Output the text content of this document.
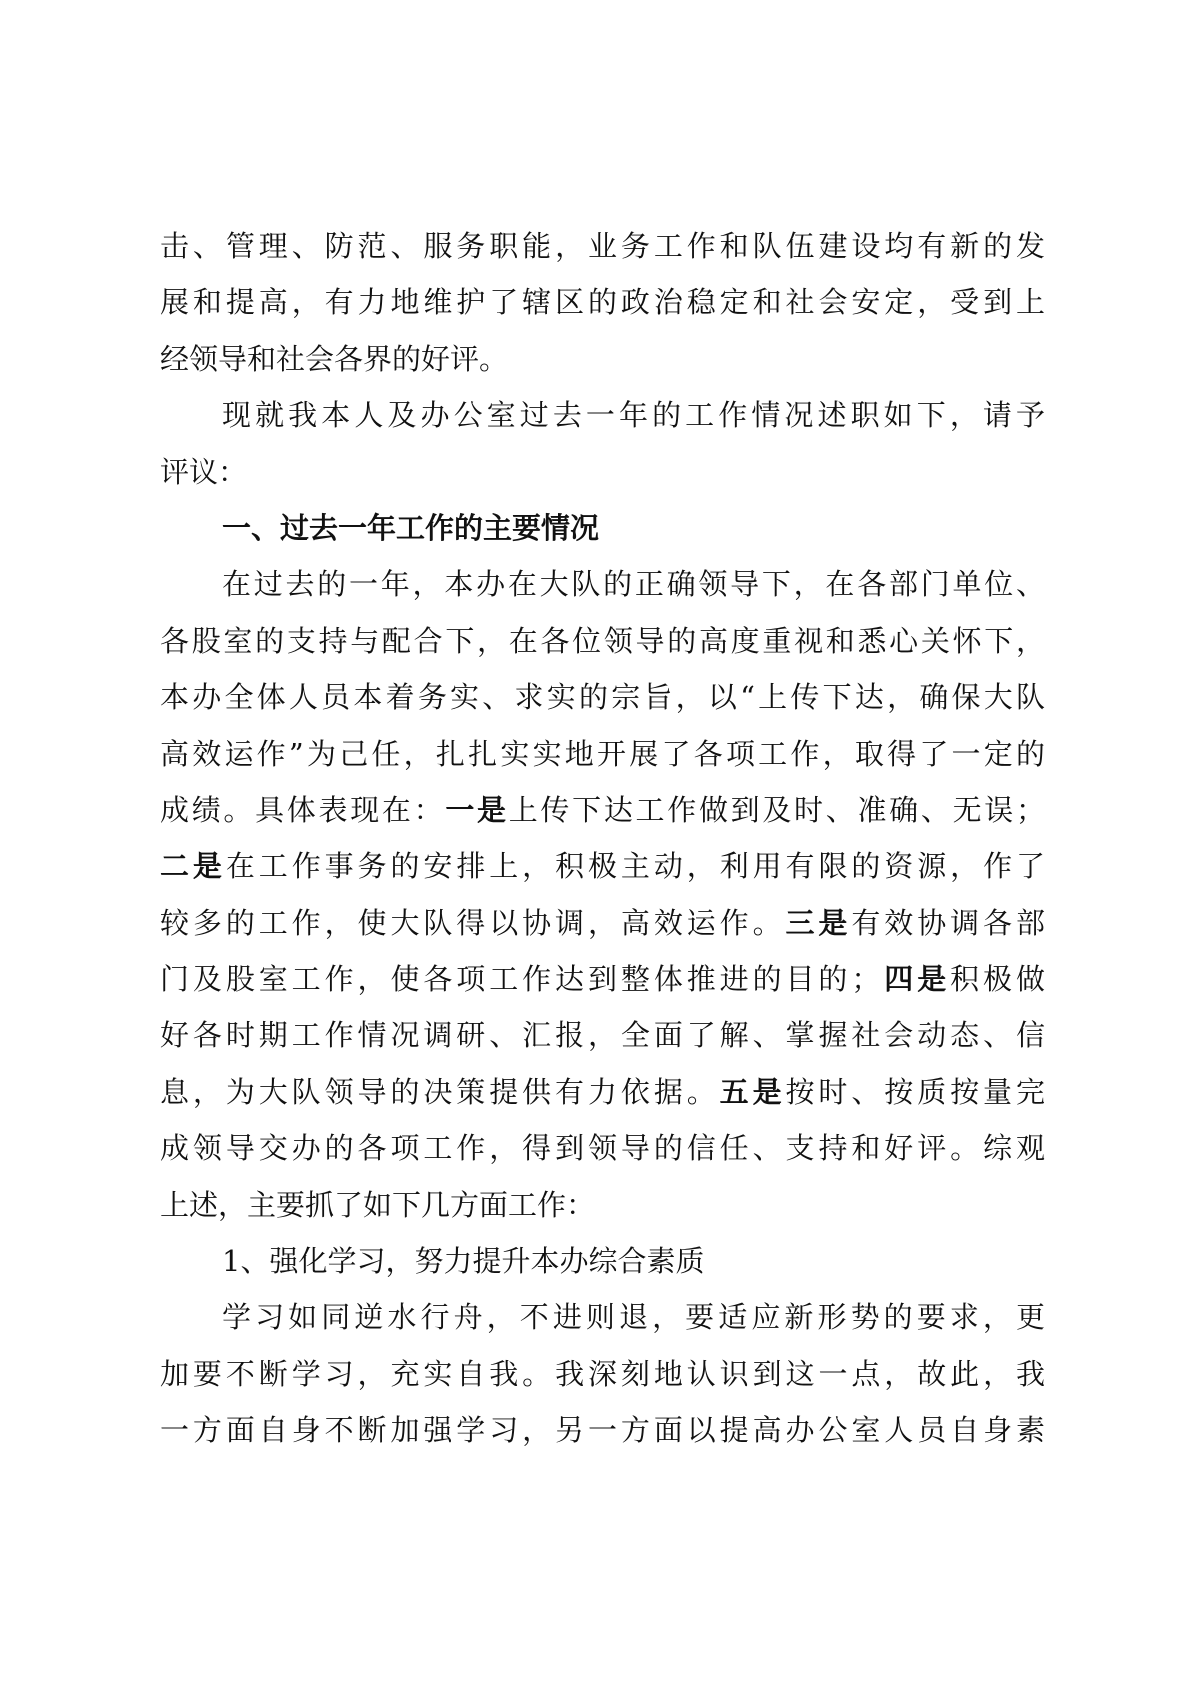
击、管理、防范、服务职能，业务工作和队伍建设均有新的发
展和提高，有力地维护了辖区的政治稳定和社会安定，受到上
经领导和社会各界的好评。
现就我本人及办公室过去一年的工作情况述职如下，请予
评议：
一、过去一年工作的主要情况
在过去的一年，本办在大队的正确领导下，在各部门单位、
各股室的支持与配合下，在各位领导的高度重视和悉心关怀下，
本办全体人员本着务实、求实的宗旨，以“上传下达，确保大队
高效运作”为己任，扎扎实实地开展了各项工作，取得了一定的
成绩。具体表现在：一是上传下达工作做到及时、准确、无误；
二是在工作事务的安排上，积极主动，利用有限的资源，作了
较多的工作，使大队得以协调，高效运作。三是有效协调各部
门及股室工作，使各项工作达到整体推进的目的；四是积极做
好各时期工作情况调研、汇报，全面了解、掌握社会动态、信
息，为大队领导的决策提供有力依据。五是按时、按质按量完
成领导交办的各项工作，得到领导的信任、支持和好评。综观
上述，主要抓了如下几方面工作：
1、强化学习，努力提升本办综合素质
学习如同逆水行舟，不进则退，要适应新形势的要求，更
加要不断学习，充实自我。我深刻地认识到这一点，故此，我
一方面自身不断加强学习，另一方面以提高办公室人员自身素
